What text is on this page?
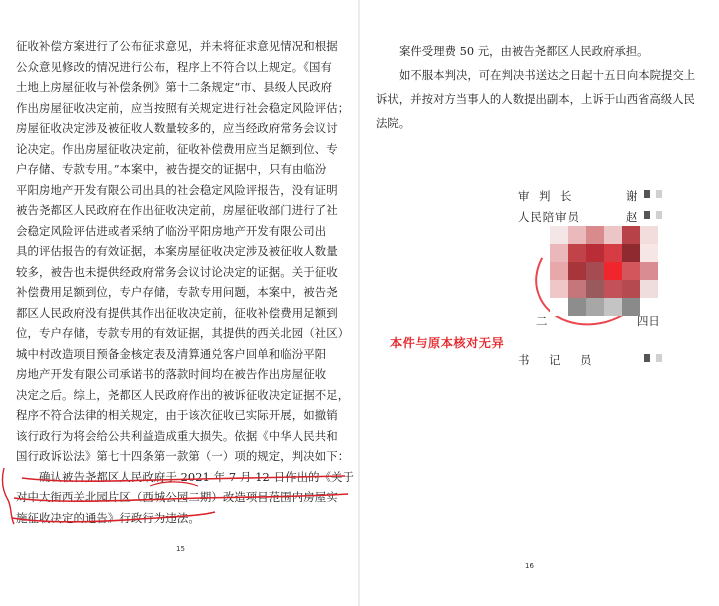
征收补偿方案进行了公布征求意见，并未将征求意见情况和根据
公众意见修改的情况进行公布，程序上不符合以上规定。《国有
土地上房屋征收与补偿条例》第十二条规定“市、县级人民政府
作出房屋征收决定前，应当按照有关规定进行社会稳定风险评估；
房屋征收决定涉及被征收人数量较多的，应当经政府常务会议讨
论决定。作出房屋征收决定前，征收补偿费用应当足额到位、专
户存储、专款专用。”本案中，被告提交的证据中，只有由临汾
平阳房地产开发有限公司出具的社会稳定风险评报告，没有证明
被告尧都区人民政府在作出征收决定前，房屋征收部门进行了社
会稳定风险评估进或者采纳了临汾平阳房地产开发有限公司出
具的评估报告的有效证据，本案房屋征收决定涉及被征收人数量
较多，被告也未提供经政府常务会议讨论决定的证据。关于征收
补偿费用足额到位，专户存储，专款专用问题，本案中，被告尧
都区人民政府没有提供其作出征收决定前，征收补偿费用足额到
位，专户存储，专款专用的有效证据，其提供的西关北园（社区）
城中村改造项目预备金核定表及清算通兑客户回单和临汾平阳
房地产开发有限公司承诺书的落款时间均在被告作出房屋征收
决定之后。综上，尧都区人民政府作出的被诉征收决定证据不足，
程序不符合法律的相关规定，由于该次征收已实际开展，如撤销
该行政行为将会给公共利益造成重大损失。依据《中华人民共和
国行政诉讼法》第七十四条第一款第（一）项的规定，判决如下：
　　确认被告尧都区人民政府于 2021 年 7 月 12 日作出的《关于
对中大街西关北园片区（西城公园二期）改造项目范围内房屋实
施征收决定的通告》行政行为违法。
15
案件受理费 50 元，由被告尧都区人民政府承担。
如不服本判决，可在判决书送达之日起十五日向本院提交上
诉状，并按对方当事人的人数提出副本，上诉于山西省高级人民
法院。
审 判 长	谢
人民陪审员	赵
二	四日
本件与原本核对无异
书 记 员
16
